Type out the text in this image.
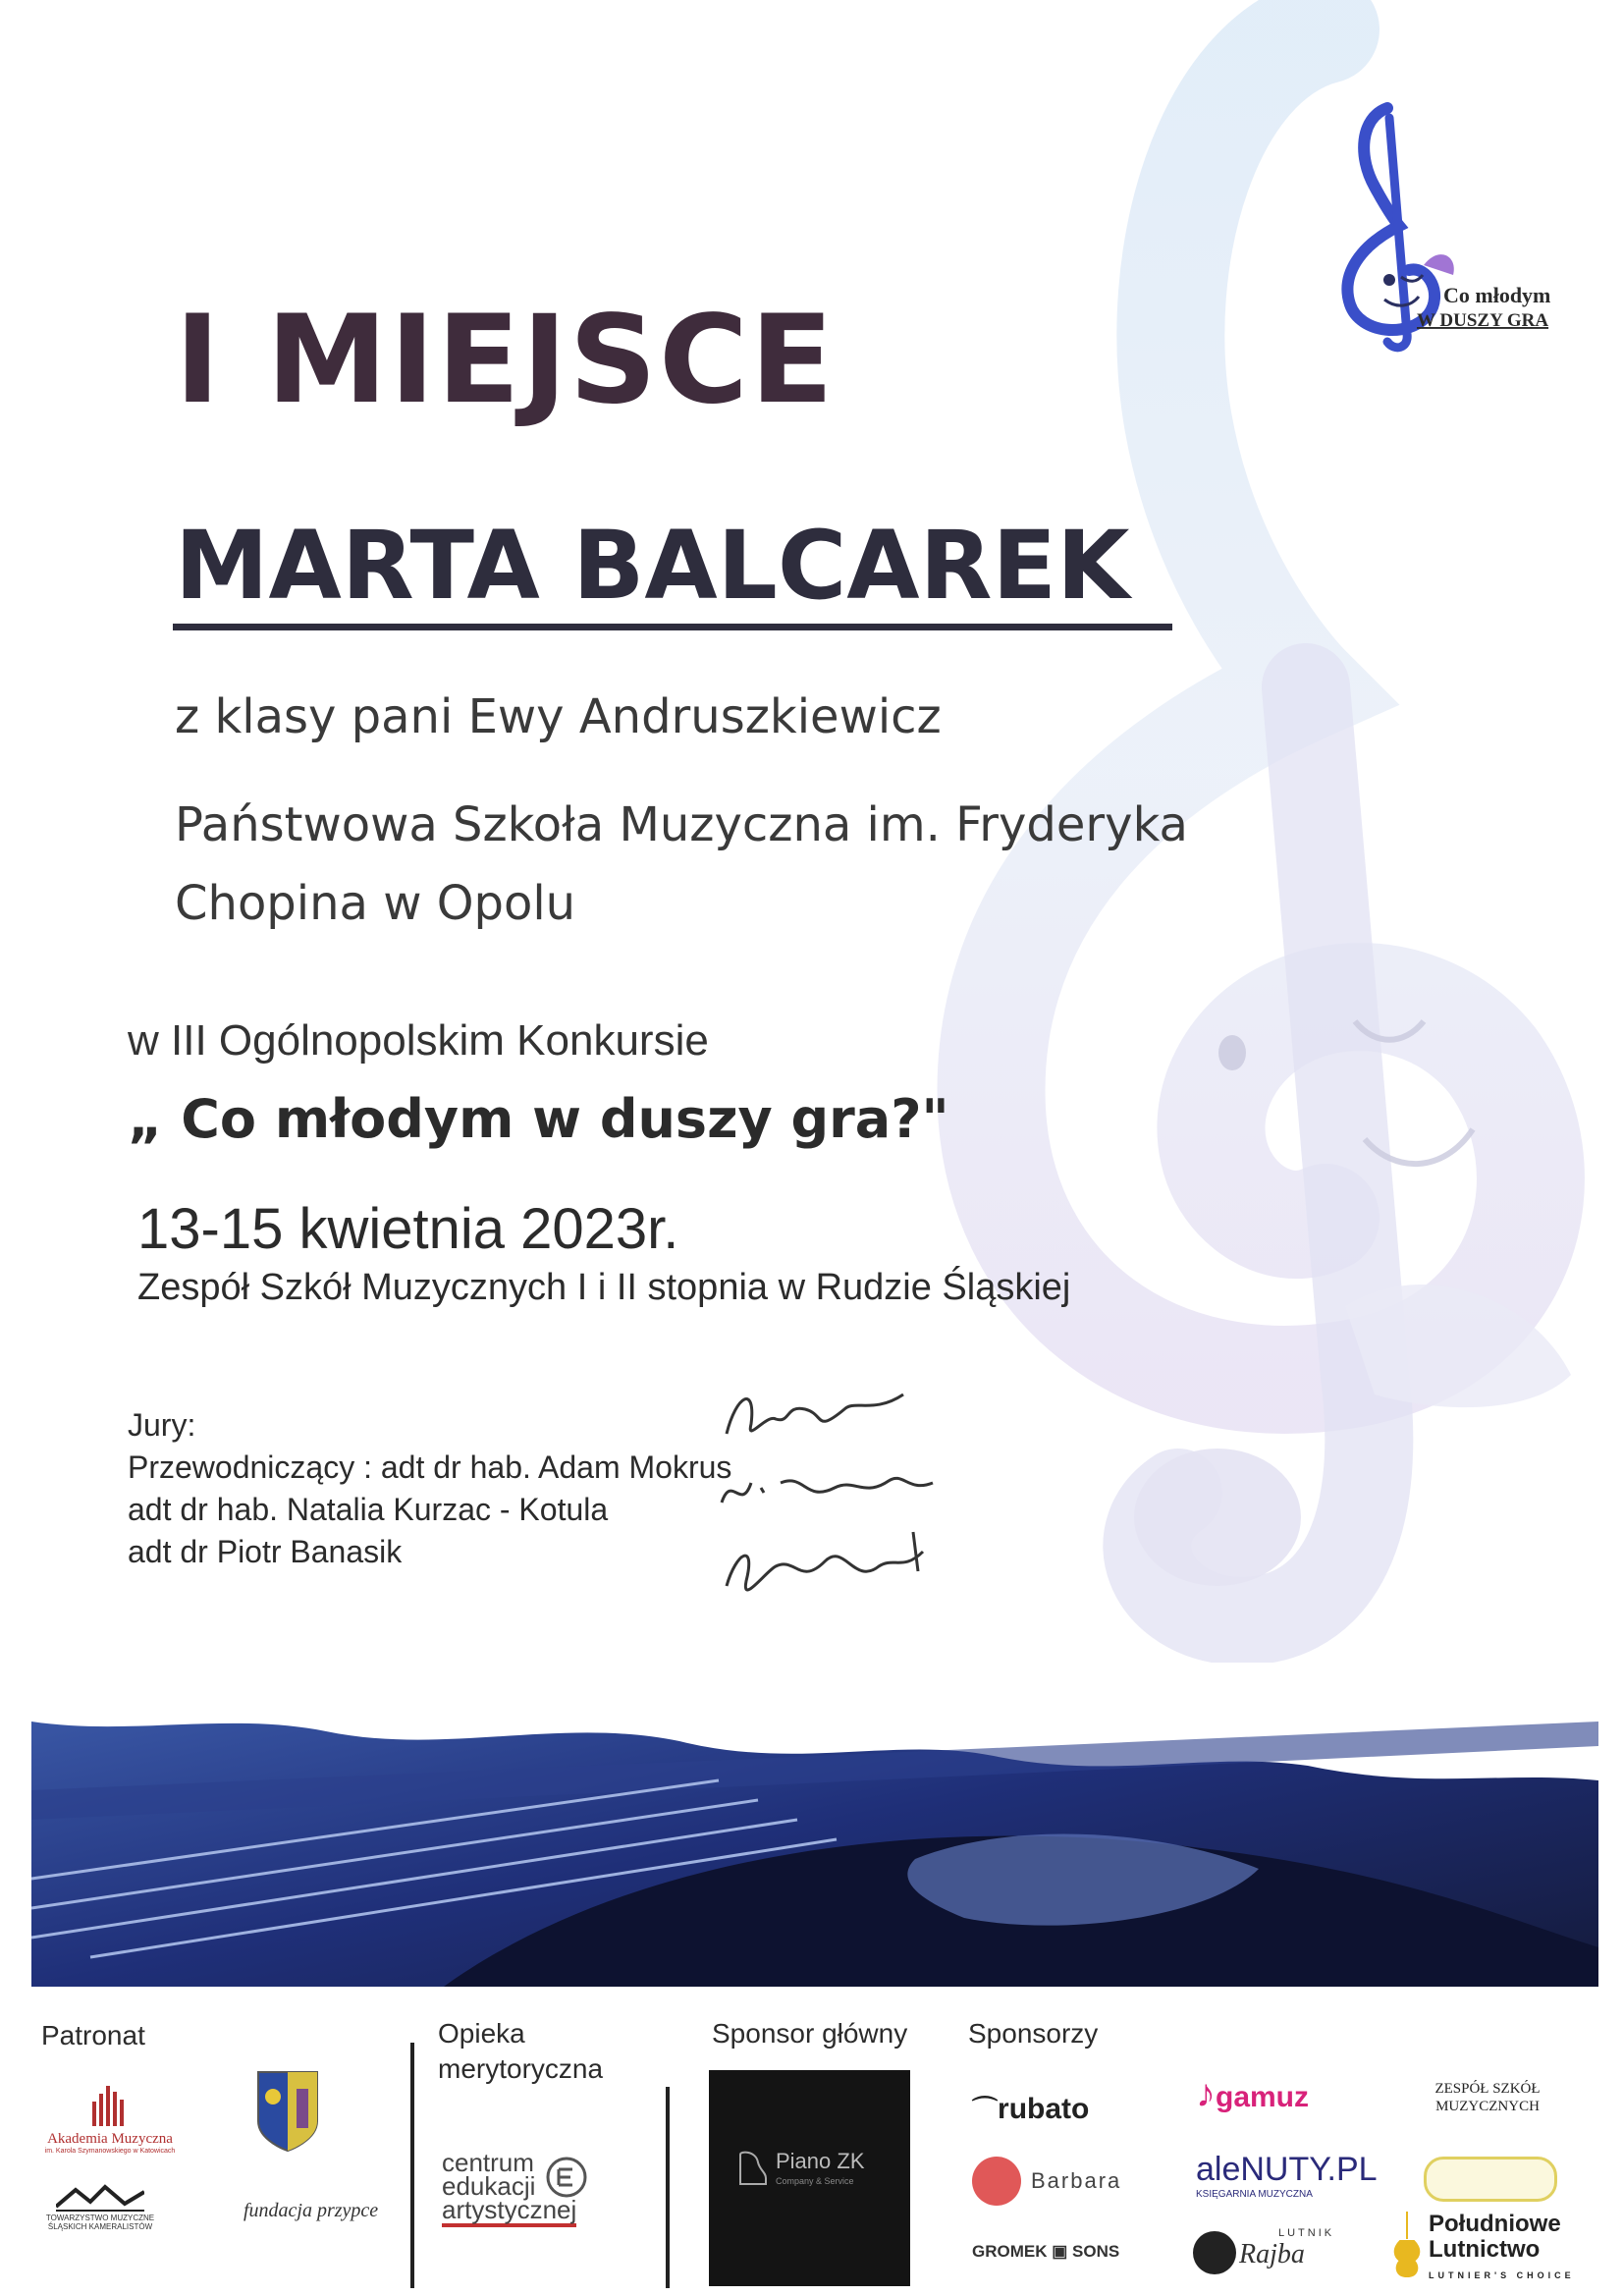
Co młodym
W DUSZY GRA
I MIEJSCE
MARTA BALCAREK
z klasy pani Ewy Andruszkiewicz
Państwowa Szkoła Muzyczna im. Fryderyka
Chopina w Opolu
w III Ogólnopolskim Konkursie
„ Co młodym w duszy gra?"
13-15 kwietnia 2023r.
Zespół Szkół Muzycznych I i II stopnia w Rudzie Śląskiej
Jury:
Przewodniczący : adt dr hab. Adam Mokrus
adt dr hab. Natalia Kurzac - Kotula
adt dr Piotr Banasik
Patronat	Opieka
merytoryczna
Sponsor główny Sponsorzy
Akademia Muzyczna
im. Karola Szymanowskiego w Katowicach
TOWARZYSTWO MUZYCZNE ŚLĄSKICH KAMERALISTÓW
fundacja przypce
centrum
edukacji
artystycznej
Piano ZK
Company & Service
⌒rubato	♪gamuz	ZESPÓŁ SZKÓŁ
MUZYCZNYCH
Barbara aleNUTY.PL
KSIĘGARNIA MUZYCZNA
GROMEK ▣ SONS
LUTNIK
Rajba
Południowe
Lutnictwo
LUTNIER'S CHOICE
